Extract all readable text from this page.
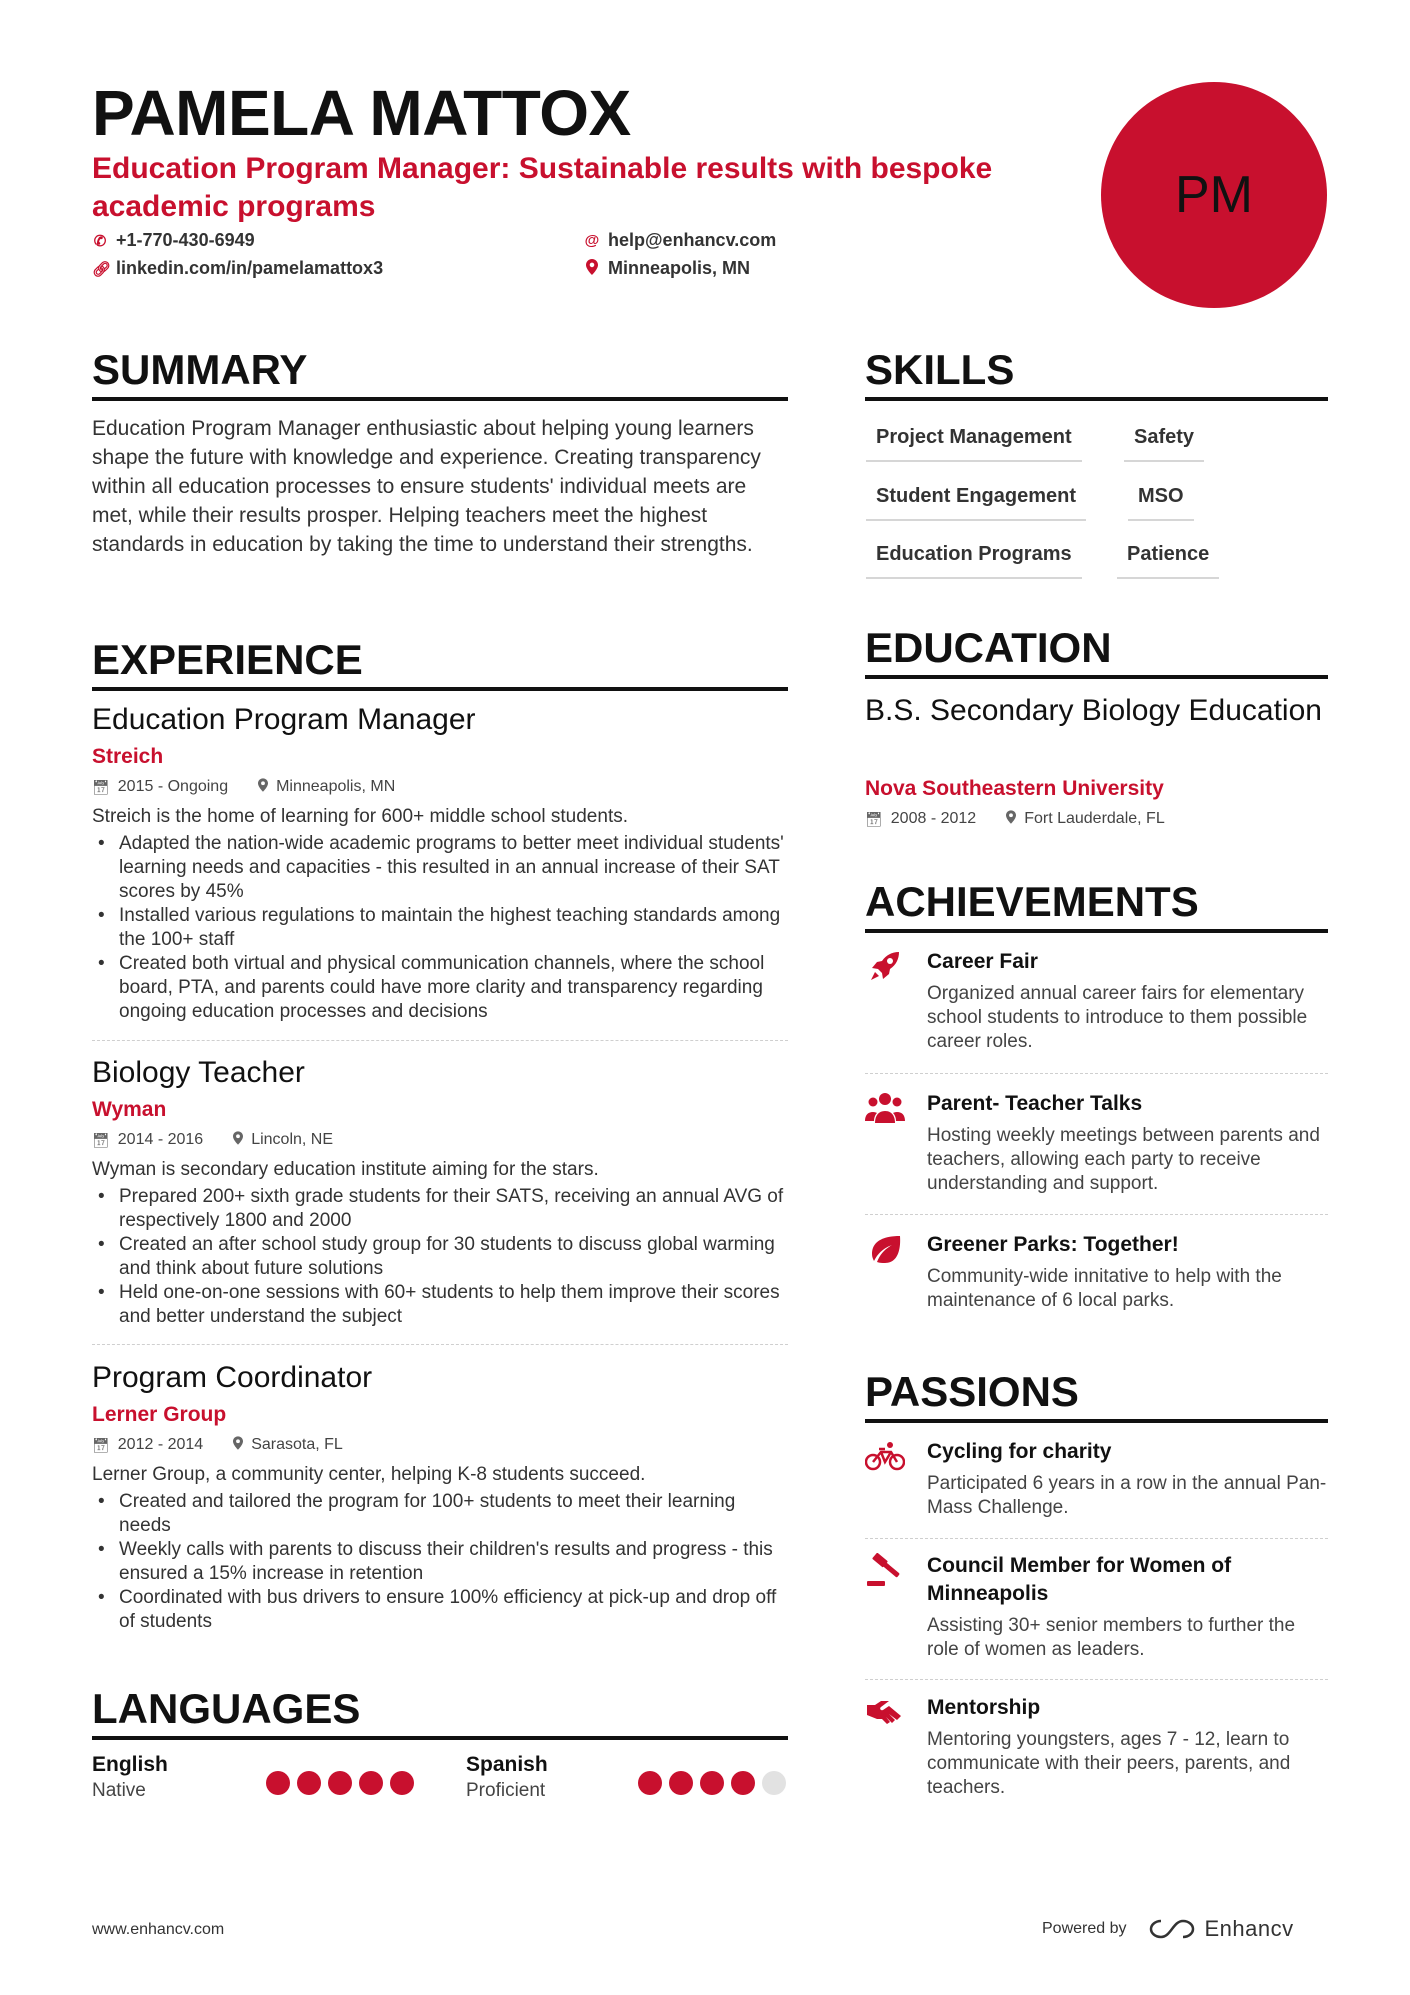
PAMELA MATTOX
Education Program Manager: Sustainable results with bespoke academic programs
✆ +1-770-430-6949
🔗︎ linkedin.com/in/pamelamattox3
@ help@enhancv.com
Minneapolis, MN
PM
SUMMARY
Education Program Manager enthusiastic about helping young learners shape the future with knowledge and experience. Creating transparency within all education processes to ensure students' individual meets are met, while their results prosper. Helping teachers meet the highest standards in education by taking the time to understand their strengths.
EXPERIENCE
Education Program Manager
Streich
📅︎ 2015 - Ongoing	Minneapolis, MN
Streich is the home of learning for 600+ middle school students.
• Adapted the nation-wide academic programs to better meet individual students' learning needs and capacities - this resulted in an annual increase of their SAT scores by 45%
• Installed various regulations to maintain the highest teaching standards among the 100+ staff
• Created both virtual and physical communication channels, where the school board, PTA, and parents could have more clarity and transparency regarding ongoing education processes and decisions
Biology Teacher
Wyman
📅︎ 2014 - 2016	Lincoln, NE
Wyman is secondary education institute aiming for the stars.
• Prepared 200+ sixth grade students for their SATS, receiving an annual AVG of respectively 1800 and 2000
• Created an after school study group for 30 students to discuss global warming and think about future solutions
• Held one-on-one sessions with 60+ students to help them improve their scores and better understand the subject
Program Coordinator
Lerner Group
📅︎ 2012 - 2014	Sarasota, FL
Lerner Group, a community center, helping K-8 students succeed.
• Created and tailored the program for 100+ students to meet their learning needs
• Weekly calls with parents to discuss their children's results and progress - this ensured a 15% increase in retention
• Coordinated with bus drivers to ensure 100% efficiency at pick-up and drop off of students
LANGUAGES
English
Native
Spanish
Proficient
SKILLS
Project Management	Safety
Student Engagement	MSO
Education Programs	Patience
EDUCATION
B.S. Secondary Biology Education
Nova Southeastern University
📅︎ 2008 - 2012	Fort Lauderdale, FL
ACHIEVEMENTS
Career Fair
Organized annual career fairs for elementary school students to introduce to them possible career roles.
Parent- Teacher Talks
Hosting weekly meetings between parents and teachers, allowing each party to receive understanding and support.
Greener Parks: Together!
Community-wide innitative to help with the maintenance of 6 local parks.
PASSIONS
Cycling for charity
Participated 6 years in a row in the annual Pan-Mass Challenge.
Council Member for Women of Minneapolis
Assisting 30+ senior members to further the role of women as leaders.
Mentorship
Mentoring youngsters, ages 7 - 12, learn to communicate with their peers, parents, and teachers.
www.enhancv.com	Powered by	Enhancv
